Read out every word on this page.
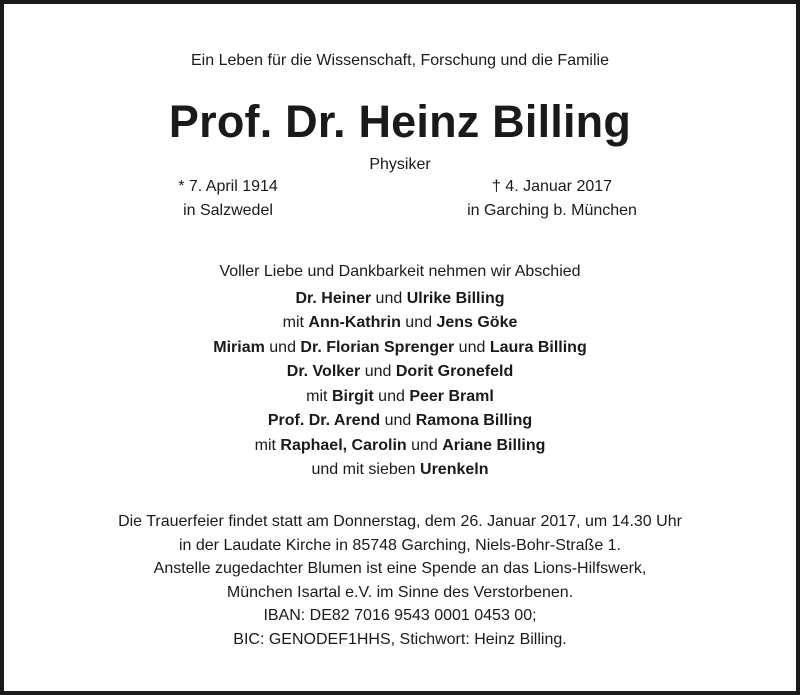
Ein Leben für die Wissenschaft, Forschung und die Familie
Prof. Dr. Heinz Billing
Physiker
* 7. April 1914
in Salzwedel
† 4. Januar 2017
in Garching b. München
Voller Liebe und Dankbarkeit nehmen wir Abschied
Dr. Heiner und Ulrike Billing
mit Ann-Kathrin und Jens Göke
Miriam und Dr. Florian Sprenger und Laura Billing
Dr. Volker und Dorit Gronefeld
mit Birgit und Peer Braml
Prof. Dr. Arend und Ramona Billing
mit Raphael, Carolin und Ariane Billing
und mit sieben Urenkeln
Die Trauerfeier findet statt am Donnerstag, dem 26. Januar 2017, um 14.30 Uhr
in der Laudate Kirche in 85748 Garching, Niels-Bohr-Straße 1.
Anstelle zugedachter Blumen ist eine Spende an das Lions-Hilfswerk,
München Isartal e.V. im Sinne des Verstorbenen.
IBAN: DE82 7016 9543 0001 0453 00;
BIC: GENODEF1HHS, Stichwort: Heinz Billing.
